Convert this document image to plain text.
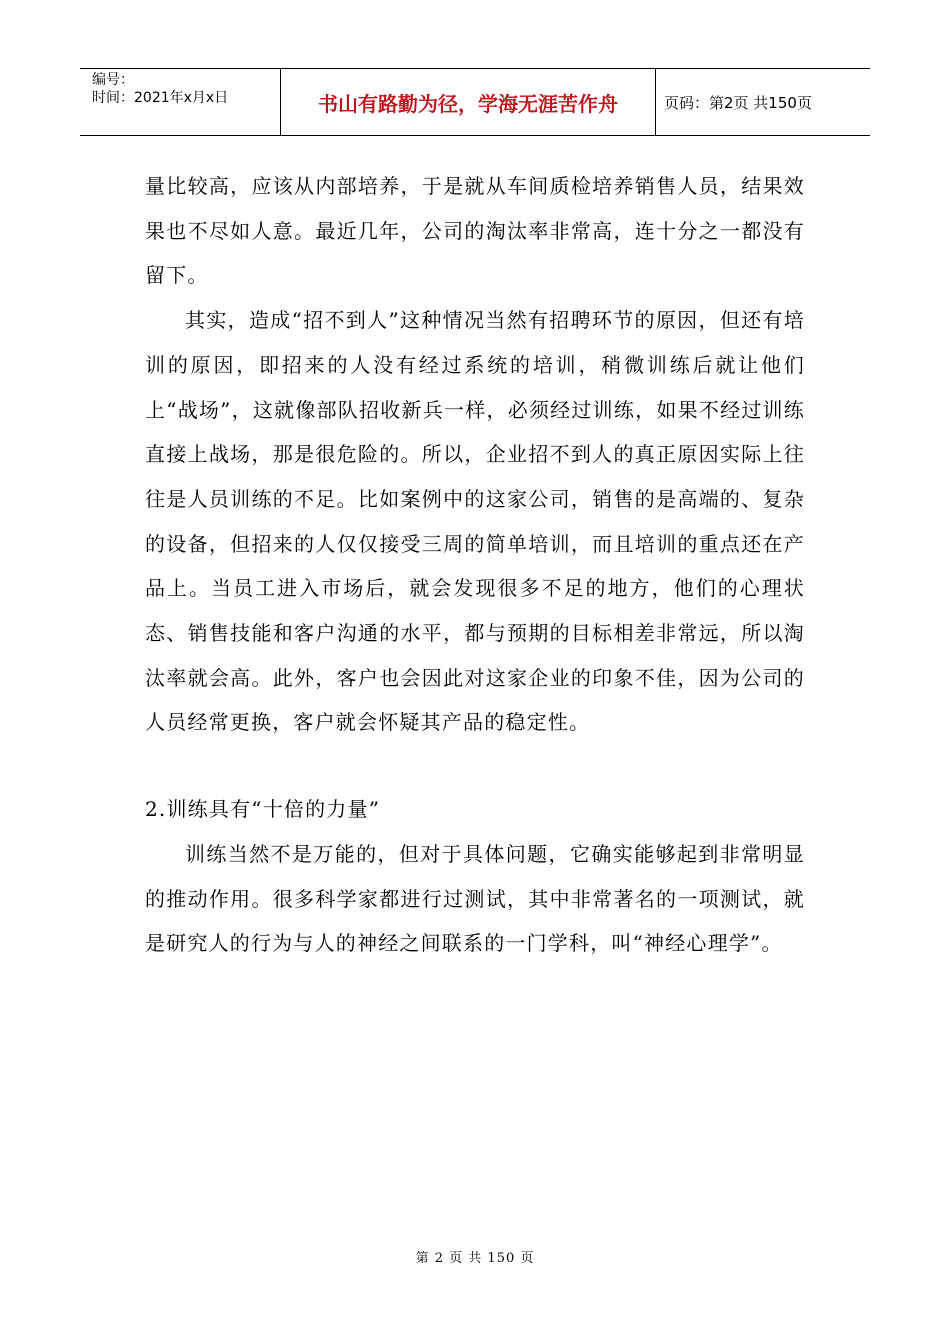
编号：
时间：2021年x月x日	书山有路勤为径，学海无涯苦作舟	页码：第2页 共150页

量比较高，应该从内部培养，于是就从车间质检培养销售人员，结果效果也不尽如人意。最近几年，公司的淘汰率非常高，连十分之一都没有留下。

其实，造成“招不到人”这种情况当然有招聘环节的原因，但还有培训的原因，即招来的人没有经过系统的培训，稍微训练后就让他们上“战场”，这就像部队招收新兵一样，必须经过训练，如果不经过训练直接上战场，那是很危险的。所以，企业招不到人的真正原因实际上往往是人员训练的不足。比如案例中的这家公司，销售的是高端的、复杂的设备，但招来的人仅仅接受三周的简单培训，而且培训的重点还在产品上。当员工进入市场后，就会发现很多不足的地方，他们的心理状态、销售技能和客户沟通的水平，都与预期的目标相差非常远，所以淘汰率就会高。此外，客户也会因此对这家企业的印象不佳，因为公司的人员经常更换，客户就会怀疑其产品的稳定性。

2.训练具有“十倍的力量”

训练当然不是万能的，但对于具体问题，它确实能够起到非常明显的推动作用。很多科学家都进行过测试，其中非常著名的一项测试，就是研究人的行为与人的神经之间联系的一门学科，叫“神经心理学”。

第 2 页 共 150 页
